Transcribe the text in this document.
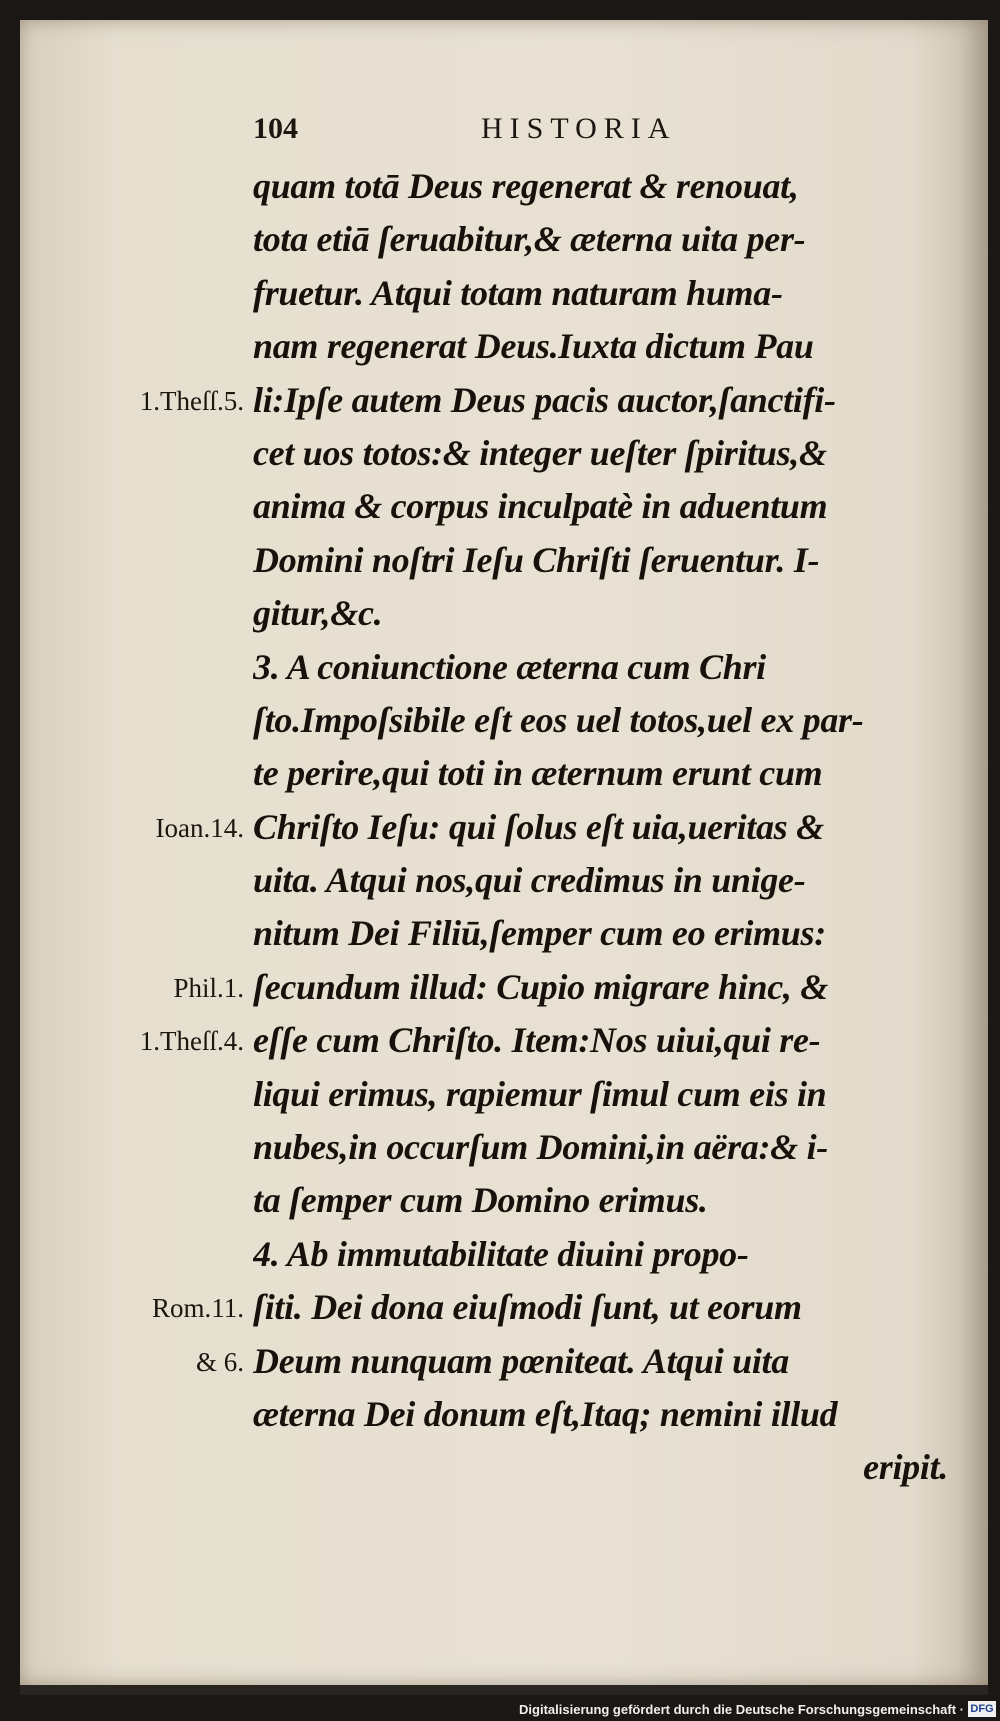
104	HISTORIA
quam totā Deus regenerat & renouat,
tota etiā ſeruabitur,& æterna uita per-
fruetur. Atqui totam naturam huma-
nam regenerat Deus.Iuxta dictum Pau
li:Ipſe autem Deus pacis auctor,ſanctifi-
cet uos totos:& integer ueſter ſpiritus,&
anima & corpus inculpatè in aduentum
Domini noſtri Ieſu Chriſti ſeruentur. I-
gitur,&c.
3. A coniunctione æterna cum Chri
ſto.Impoſsibile eſt eos uel totos,uel ex par-
te perire,qui toti in æternum erunt cum
Chriſto Ieſu: qui ſolus eſt uia,ueritas &
uita. Atqui nos,qui credimus in unige-
nitum Dei Filiū,ſemper cum eo erimus:
ſecundum illud: Cupio migrare hinc, &
eſſe cum Chriſto. Item:Nos uiui,qui re-
liqui erimus, rapiemur ſimul cum eis in
nubes,in occurſum Domini,in aëra:& i-
ta ſemper cum Domino erimus.
4. Ab immutabilitate diuini propo-
ſiti. Dei dona eiuſmodi ſunt, ut eorum
Deum nunquam pœniteat. Atqui uita
æterna Dei donum eſt,Itaq; nemini illud
eripit.
1.Theſſ.5.
Ioan.14.
Phil.1.
1.Theſſ.4.
Rom.11.
& 6.
Digitalisierung gefördert durch die Deutsche Forschungsgemeinschaft · DFG
